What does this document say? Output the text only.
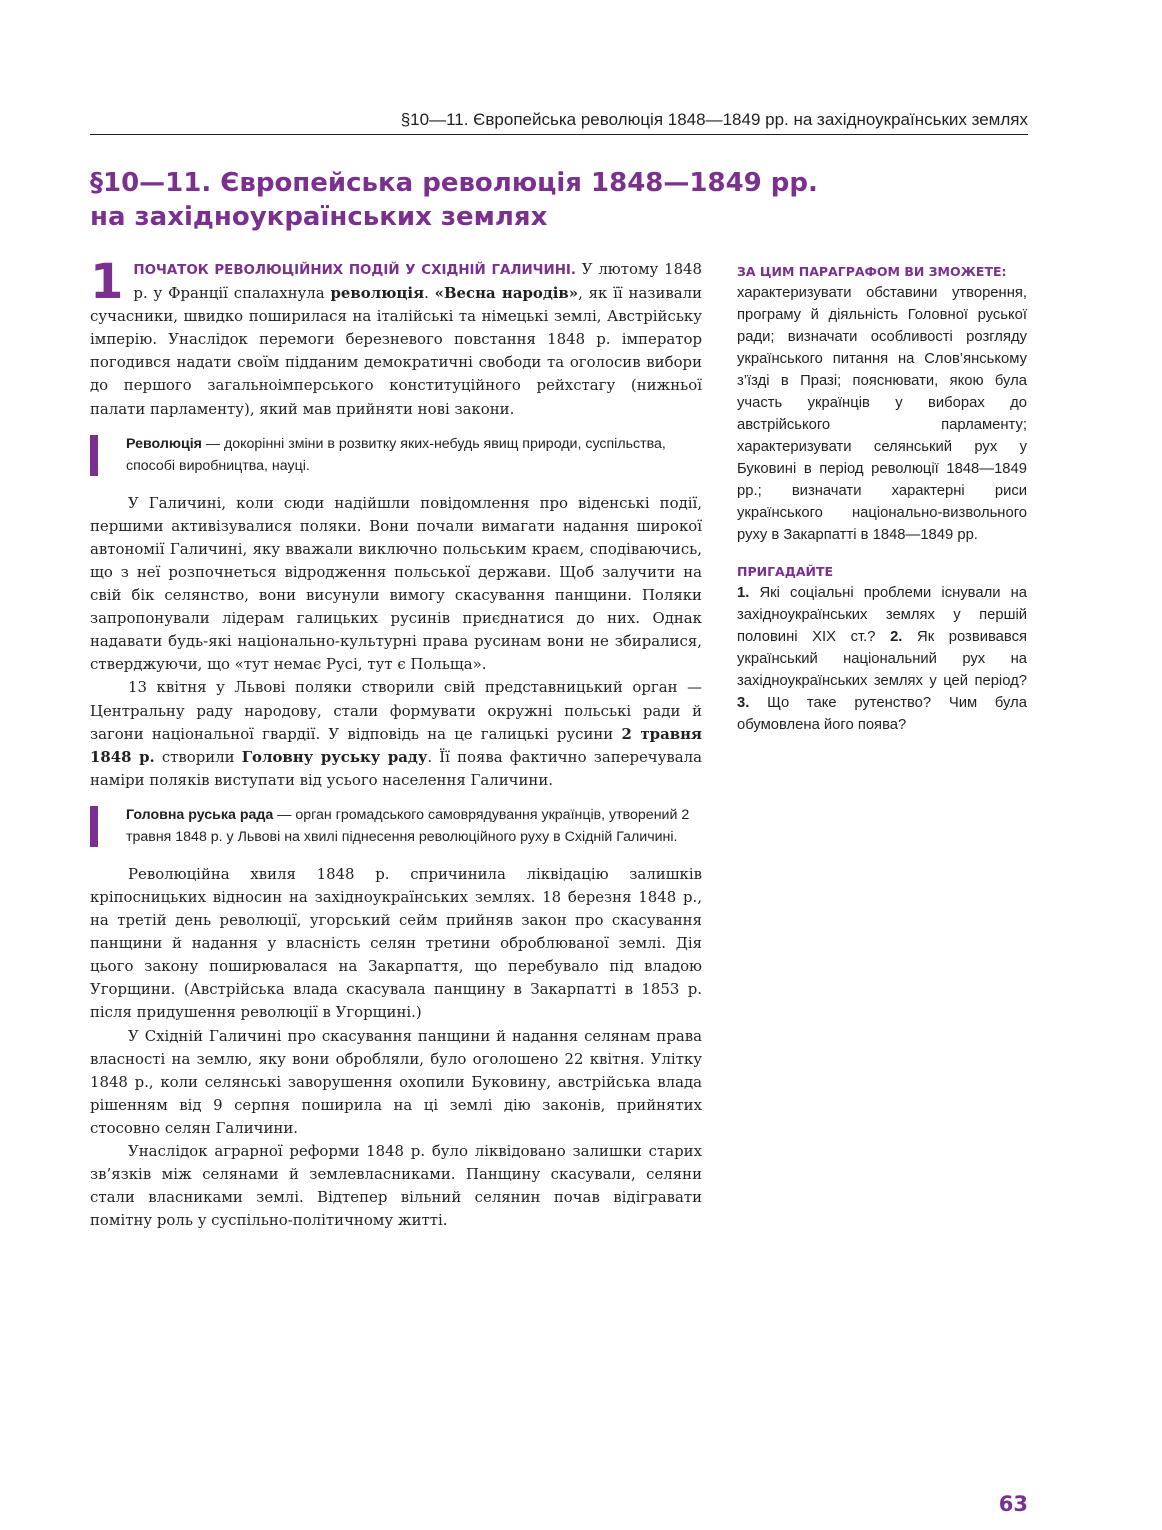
§10—11. Європейська революція 1848—1849 рр. на західноукраїнських землях
§10—11. Європейська революція 1848—1849 рр.
на західноукраїнських землях

1 ПОЧАТОК РЕВОЛЮЦІЙНИХ ПОДІЙ У СХІДНІЙ ГАЛИЧИНІ. У лютому 1848 р. у Франції спалахнула революція. «Весна народів», як її називали сучасники, швидко поширилася на італійські та німецькі землі, Австрійську імперію. Унаслідок перемоги березневого повстання 1848 р. імператор погодився надати своїм підданим демократичні свободи та оголосив вибори до першого загальноімперського конституційного рейхстагу (нижньої палати парламенту), який мав прийняти нові закони.

Революція — докорінні зміни в розвитку яких-небудь явищ природи, суспільства, способі виробництва, науці.

У Галичині, коли сюди надійшли повідомлення про віденські події, першими активізувалися поляки. Вони почали вимагати надання широкої автономії Галичині, яку вважали виключно польським краєм, сподіваючись, що з неї розпочнеться відродження польської держави. Щоб залучити на свій бік селянство, вони висунули вимогу скасування панщини. Поляки запропонували лідерам галицьких русинів приєднатися до них. Однак надавати будь-які національно-культурні права русинам вони не збиралися, стверджуючи, що «тут немає Русі, тут є Польща».

13 квітня у Львові поляки створили свій представницький орган — Центральну раду народову, стали формувати окружні польські ради й загони національної гвардії. У відповідь на це галицькі русини 2 травня 1848 р. створили Головну руську раду. Її поява фактично заперечувала наміри поляків виступати від усього населення Галичини.

Головна руська рада — орган громадського самоврядування українців, утворений 2 травня 1848 р. у Львові на хвилі піднесення революційного руху в Східній Галичині.

Революційна хвиля 1848 р. спричинила ліквідацію залишків кріпосницьких відносин на західноукраїнських землях. 18 березня 1848 р., на третій день революції, угорський сейм прийняв закон про скасування панщини й надання у власність селян третини оброблюваної землі. Дія цього закону поширювалася на Закарпаття, що перебувало під владою Угорщини. (Австрійська влада скасувала панщину в Закарпатті в 1853 р. після придушення революції в Угорщині.)

У Східній Галичині про скасування панщини й надання селянам права власності на землю, яку вони обробляли, було оголошено 22 квітня. Улітку 1848 р., коли селянські заворушення охопили Буковину, австрійська влада рішенням від 9 серпня поширила на ці землі дію законів, прийнятих стосовно селян Галичини.

Унаслідок аграрної реформи 1848 р. було ліквідовано залишки старих зв’язків між селянами й землевласниками. Панщину скасували, селяни стали власниками землі. Відтепер вільний селянин почав відігравати помітну роль у суспільно-політичному житті.

ЗА ЦИМ ПАРАГРАФОМ ВИ ЗМОЖЕТЕ:

характеризувати обставини утворення, програму й діяльність Головної руської ради; визначати особливості розгляду українського питання на Слов’янському з’їзді в Празі; пояснювати, якою була участь українців у виборах до австрійського парламенту; характеризувати селянський рух у Буковині в період революції 1848—1849 рр.; визначати характерні риси українського національно-визвольного руху в Закарпатті в 1848—1849 рр.

ПРИГАДАЙТЕ

1. Які соціальні проблеми існували на західноукраїнських землях у першій половині XIX ст.? 2. Як розвивався український національний рух на західноукраїнських землях у цей період? 3. Що таке рутенство? Чим була обумовлена його поява?

63
